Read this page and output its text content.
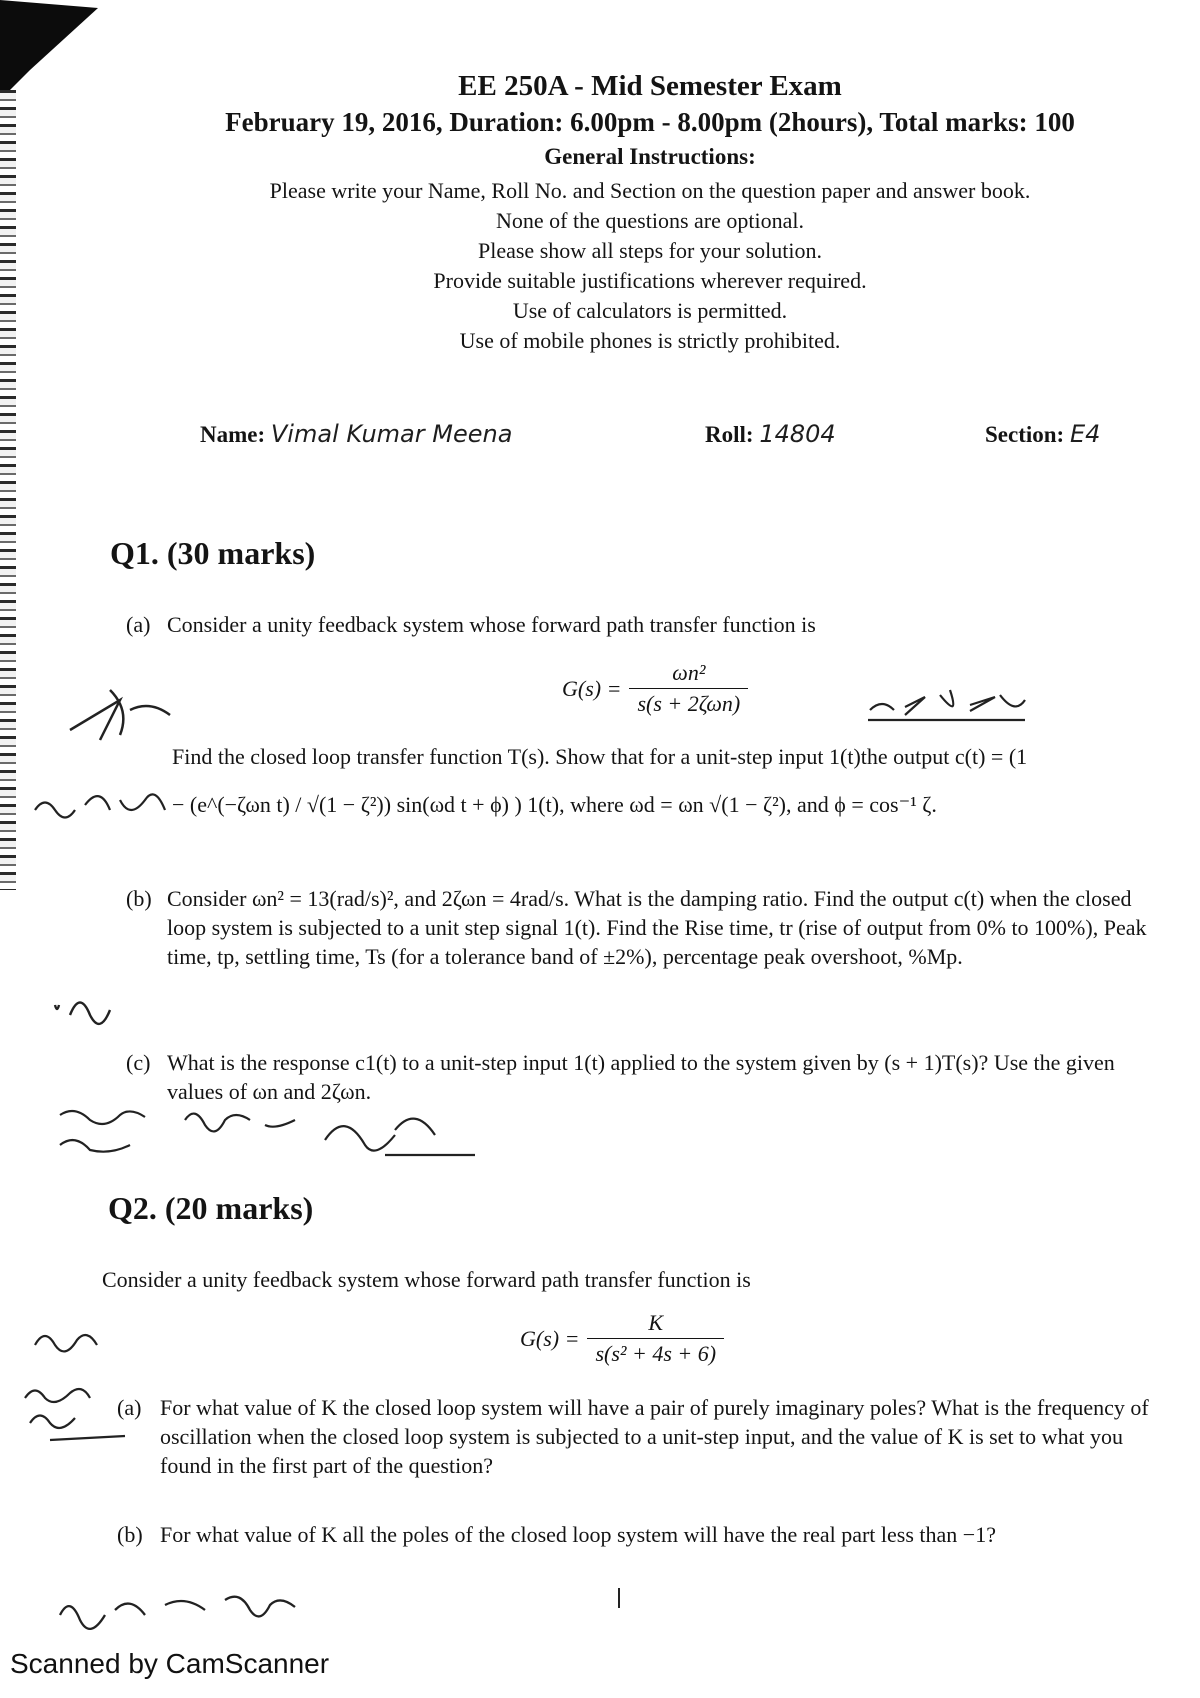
EE 250A - Mid Semester Exam
February 19, 2016, Duration: 6.00pm - 8.00pm (2hours), Total marks: 100
General Instructions:
Please write your Name, Roll No. and Section on the question paper and answer book.
None of the questions are optional.
Please show all steps for your solution.
Provide suitable justifications wherever required.
Use of calculators is permitted.
Use of mobile phones is strictly prohibited.
Name: Vimal Kumar Meena	Roll: 14804	Section: E4
Q1. (30 marks)
(a) Consider a unity feedback system whose forward path transfer function is
$G(s) = \frac{\text{ωn²}}{\text{s(s + 2ζωn)}}$
Find the closed loop transfer function T(s). Show that for a unit-step input 1(t)the output c(t) = (1
− (e^(−ζωn t) / √(1 − ζ²)) sin(ωd t + ϕ) ) 1(t), where ωd = ωn √(1 − ζ²), and ϕ = cos⁻¹ ζ.
(b) Consider ωn² = 13(rad/s)², and 2ζωn = 4rad/s. What is the damping ratio. Find the output c(t) when the closed loop system is subjected to a unit step signal 1(t). Find the Rise time, tr (rise of output from 0% to 100%), Peak time, tp, settling time, Ts (for a tolerance band of ±2%), percentage peak overshoot, %Mp.
(c) What is the response c1(t) to a unit-step input 1(t) applied to the system given by (s + 1)T(s)? Use the given values of ωn and 2ζωn.
Q2. (20 marks)
Consider a unity feedback system whose forward path transfer function is
$G(s) = \frac{K}{\text{s(s² + 4s + 6)}}$
(a) For what value of K the closed loop system will have a pair of purely imaginary poles? What is the frequency of oscillation when the closed loop system is subjected to a unit-step input, and the value of K is set to what you found in the first part of the question?
(b) For what value of K all the poles of the closed loop system will have the real part less than −1?
Scanned by CamScanner
